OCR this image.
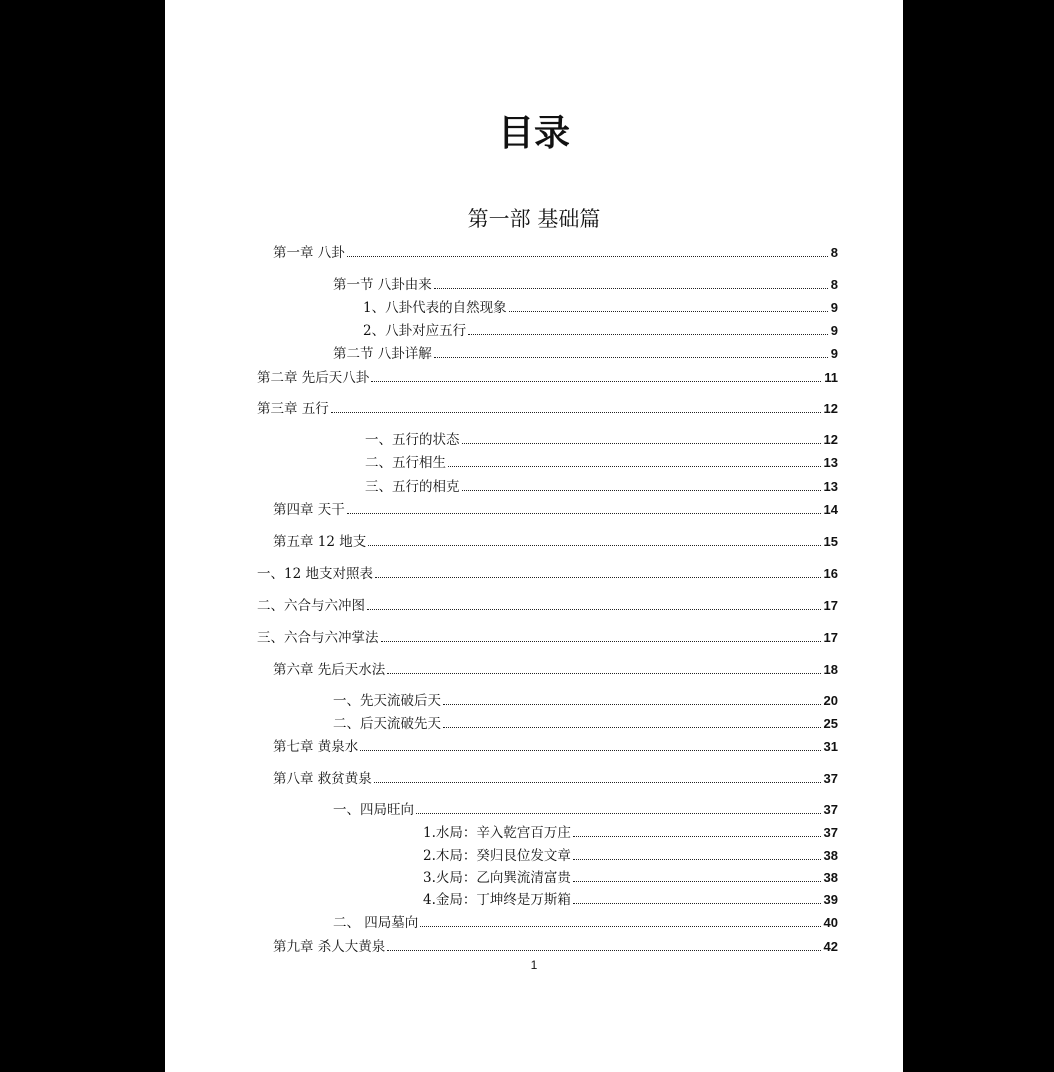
目录
第一部 基础篇
第一章 八卦	8
第一节 八卦由来	8
1、八卦代表的自然现象	9
2、八卦对应五行	9
第二节 八卦详解	9
第二章 先后天八卦	11
第三章 五行	12
一、五行的状态	12
二、五行相生	13
三、五行的相克	13
第四章 天干	14
第五章 12 地支	15
一、12 地支对照表	16
二、六合与六冲图	17
三、六合与六冲掌法	17
第六章 先后天水法	18
一、先天流破后天	20
二、后天流破先天	25
第七章 黄泉水	31
第八章 救贫黄泉	37
一、四局旺向	37
1.水局：辛入乾宫百万庄	37
2.木局：癸归艮位发文章	38
3.火局：乙向巽流清富贵	38
4.金局：丁坤终是万斯箱	39
二、 四局墓向	40
第九章 杀人大黄泉	42
1
